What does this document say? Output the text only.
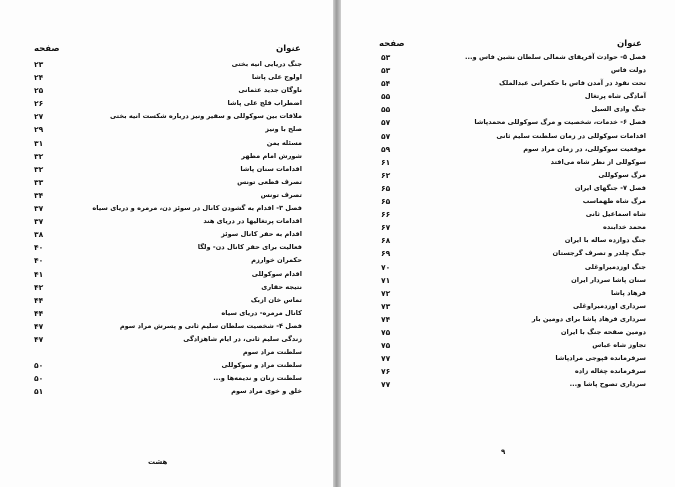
عنوان
صفحه
جنگ دریایی انیه بختی
۲۳
اولوج علی پاشا
۲۴
ناوگان جدید عثمانی
۲۵
اضطراب قلج علی پاشا
۲۶
ملاقات بین سوکوللی و سفیر ونیز درباره شکست انیه بختی
۲۷
صلح با ونیز
۲۹
مسئله یمن
۳۱
شورش امام مطهر
۳۲
اقدامات سنان پاشا
۳۲
تصرف قطعی تونس
۳۳
تصرف تونس
۳۴
فصل ۳- اقدام به گشودن کانال در سوئز دن، مرمره و دریای سیاه
۳۷
اقدامات پرتغالیها در دریای هند
۳۷
اقدام به حفر کانال سوئز
۳۸
فعالیت برای حفر کانال دن- ولگا
۴۰
حکمران خوارزم
۴۰
اقدام سوکوللی
۴۱
نتیجه حفاری
۴۲
تماس خان ازبک
۴۴
کانال مرمره- دریای سیاه
۴۴
فصل ۴- شخصیت سلطان سلیم ثانی و پسرش مراد سوم
۴۷
زندگی سلیم ثانی، در ایام شاهزادگی
۴۷
سلطنت مراد سوم
سلطنت مراد و سوکوللی
۵۰
سلطنت زنان و ندیمه‌ها و...
۵۰
خلق و خوی مراد سوم
۵۱
هشت
عنوان
صفحه
فصل ۵- حوادث آفریقای شمالی سلطان نشین فاس و...
۵۳
دولت فاس
۵۳
تحت نفوذ در آمدن فاس با حکمرانی عبدالملک
۵۴
آمادگی شاه پرتغال
۵۵
جنگ وادی السیل
۵۵
فصل ۶- خدمات، شخصیت و مرگ سوکوللی محمدپاشا
۵۷
اقدامات سوکوللی در زمان سلطنت سلیم ثانی
۵۷
موقعیت سوکوللی، در زمان مراد سوم
۵۹
سوکوللی از نظر شاه می‌افتد
۶۱
مرگ سوکوللی
۶۲
فصل ۷- جنگهای ایران
۶۵
مرگ شاه طهماسب
۶۵
شاه اسماعیل ثانی
۶۶
محمد خدابنده
۶۷
جنگ دوازده ساله با ایران
۶۸
جنگ چلدر و تصرف گرجستان
۶۹
جنگ اوزدمیراوغلی
۷۰
سنان پاشا سردار ایران
۷۱
فرهاد پاشا
۷۲
سرداری اوزدمیراوغلی
۷۳
سرداری فرهاد پاشا برای دومین بار
۷۴
دومین صفحه جنگ با ایران
۷۵
تجاوز شاه عباس
۷۵
سرفرمانده قپوجی مرادپاشا
۷۷
سرفرمانده چغاله زاده
۷۶
سرداری تصوح پاشا و...
۷۷
۹
